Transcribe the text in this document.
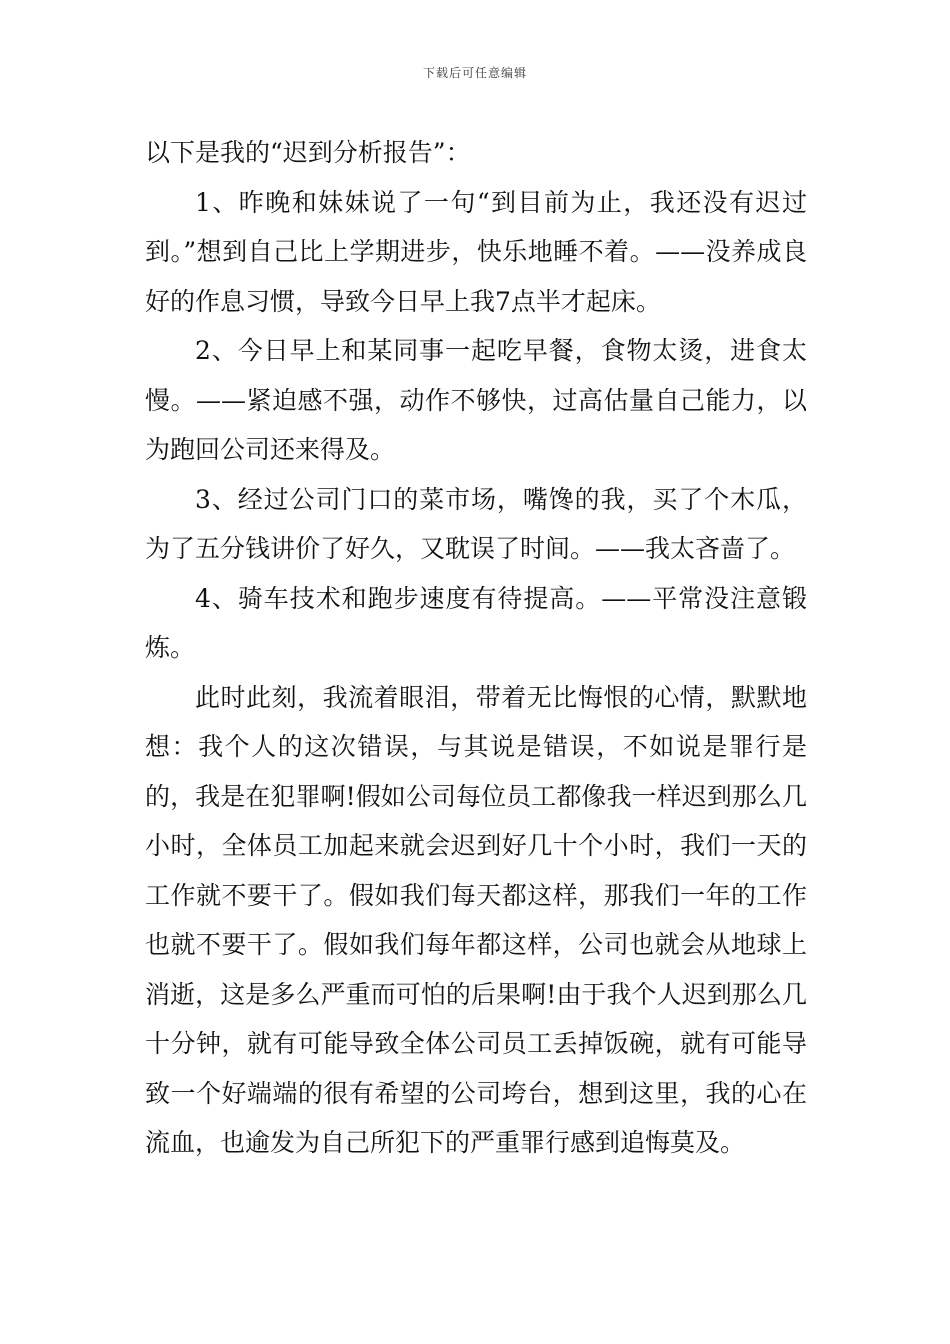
下载后可任意编辑

以下是我的“迟到分析报告”：

1、昨晚和妹妹说了一句“到目前为止，我还没有迟过到。”想到自己比上学期进步，快乐地睡不着。——没养成良好的作息习惯，导致今日早上我7点半才起床。

2、今日早上和某同事一起吃早餐，食物太烫，进食太慢。——紧迫感不强，动作不够快，过高估量自己能力，以为跑回公司还来得及。

3、经过公司门口的菜市场，嘴馋的我，买了个木瓜，为了五分钱讲价了好久，又耽误了时间。——我太吝啬了。

4、骑车技术和跑步速度有待提高。——平常没注意锻炼。

此时此刻，我流着眼泪，带着无比悔恨的心情，默默地想：我个人的这次错误，与其说是错误，不如说是罪行是的，我是在犯罪啊!假如公司每位员工都像我一样迟到那么几小时，全体员工加起来就会迟到好几十个小时，我们一天的工作就不要干了。假如我们每天都这样，那我们一年的工作也就不要干了。假如我们每年都这样，公司也就会从地球上消逝，这是多么严重而可怕的后果啊!由于我个人迟到那么几十分钟，就有可能导致全体公司员工丢掉饭碗，就有可能导致一个好端端的很有希望的公司垮台，想到这里，我的心在流血，也逾发为自己所犯下的严重罪行感到追悔莫及。
